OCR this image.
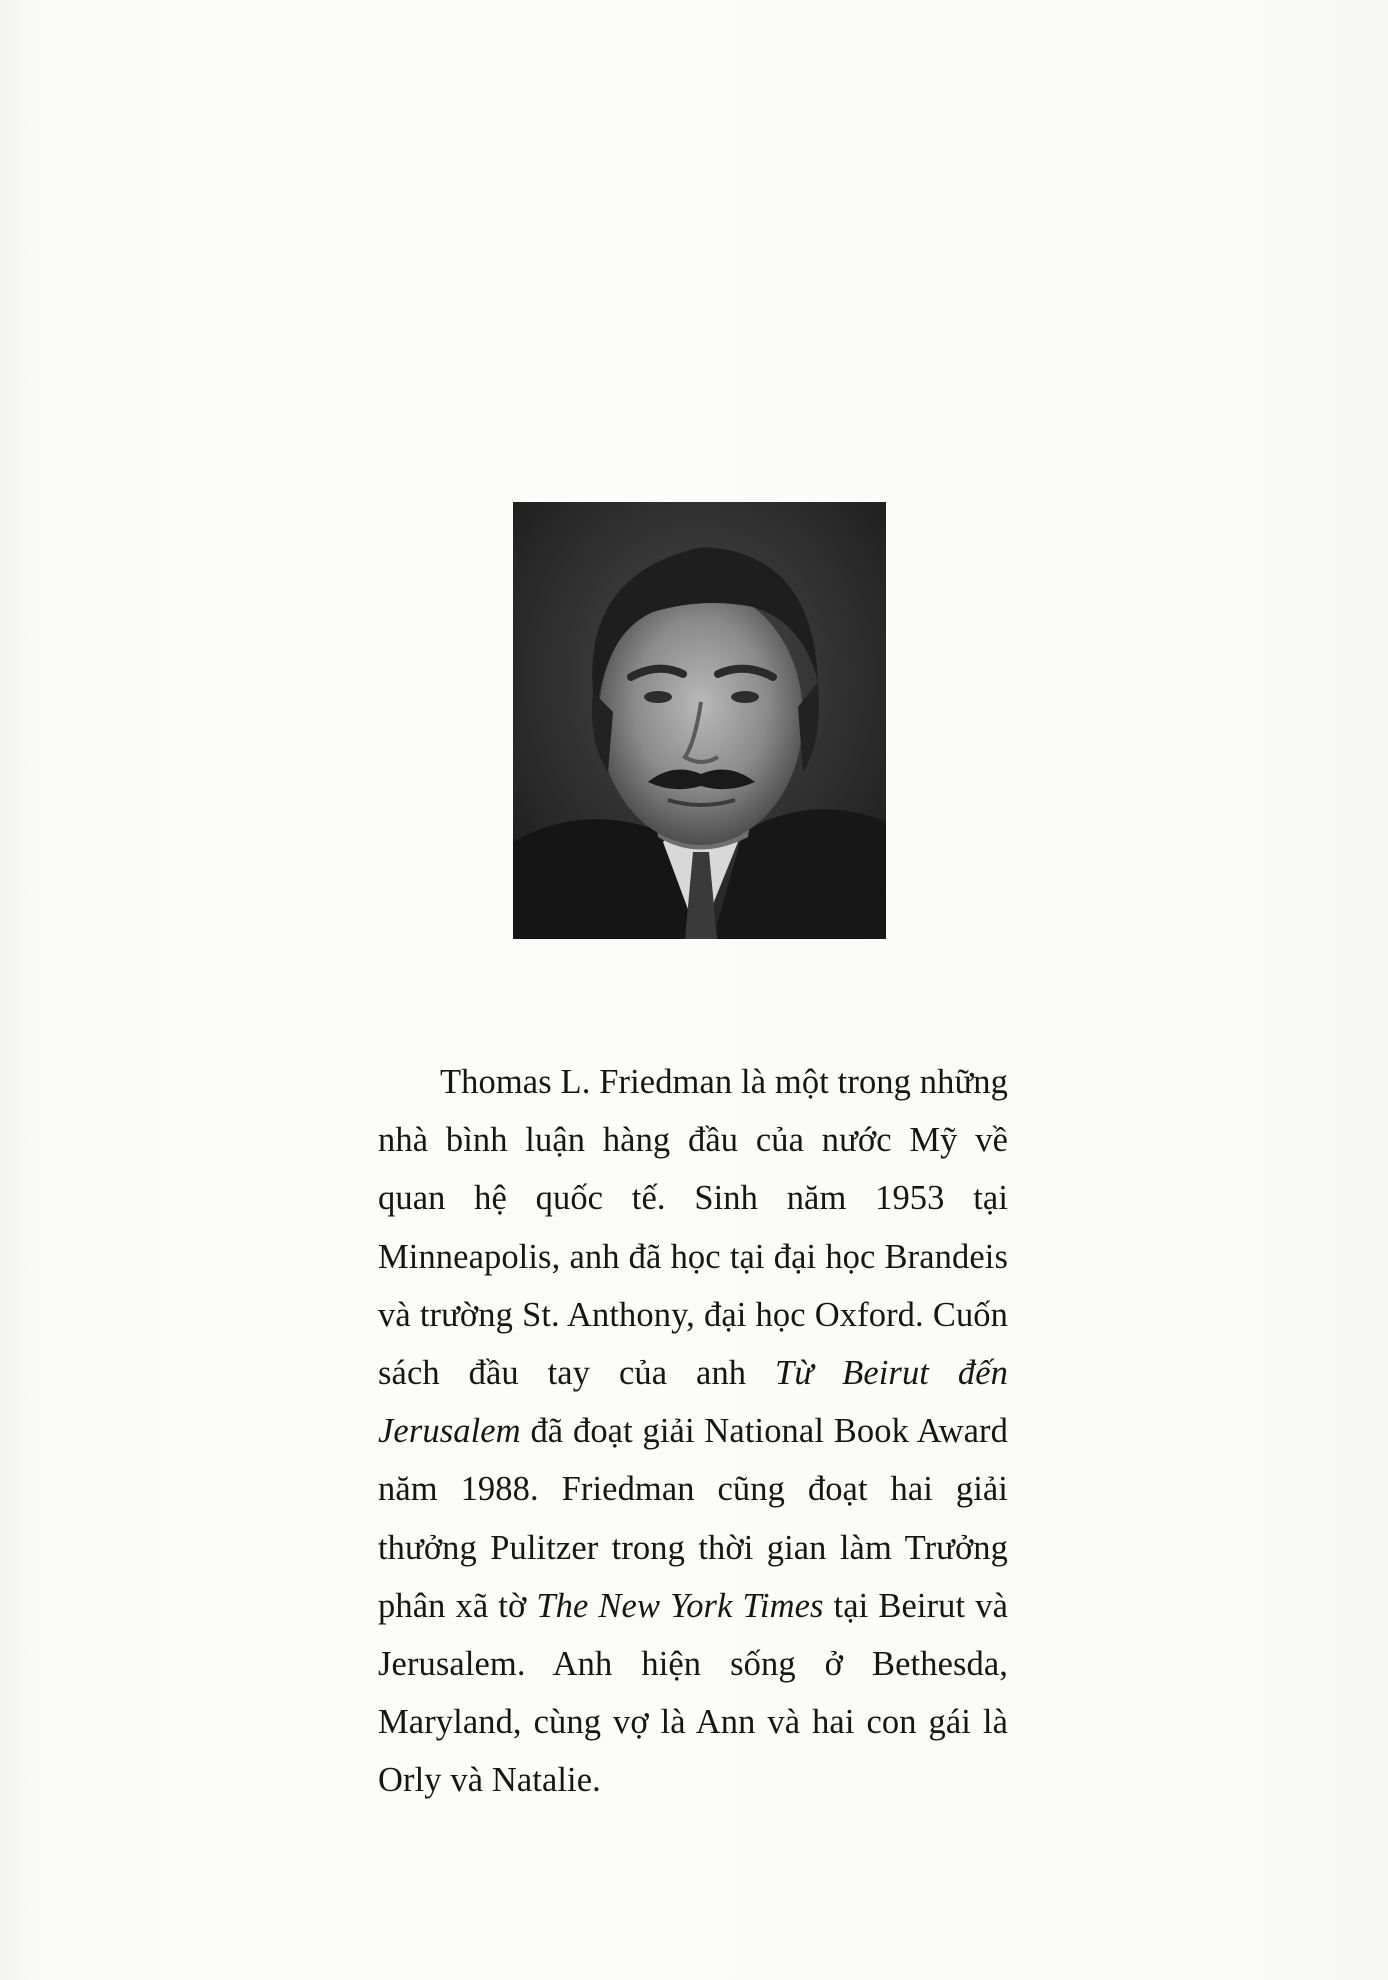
Thomas L. Friedman là một trong những nhà bình luận hàng đầu của nước Mỹ về quan hệ quốc tế. Sinh năm 1953 tại Minneapolis, anh đã học tại đại học Brandeis và trường St. Anthony, đại học Oxford. Cuốn sách đầu tay của anh Từ Beirut đến Jerusalem đã đoạt giải National Book Award năm 1988. Friedman cũng đoạt hai giải thưởng Pulitzer trong thời gian làm Trưởng phân xã tờ The New York Times tại Beirut và Jerusalem. Anh hiện sống ở Bethesda, Maryland, cùng vợ là Ann và hai con gái là Orly và Natalie.
